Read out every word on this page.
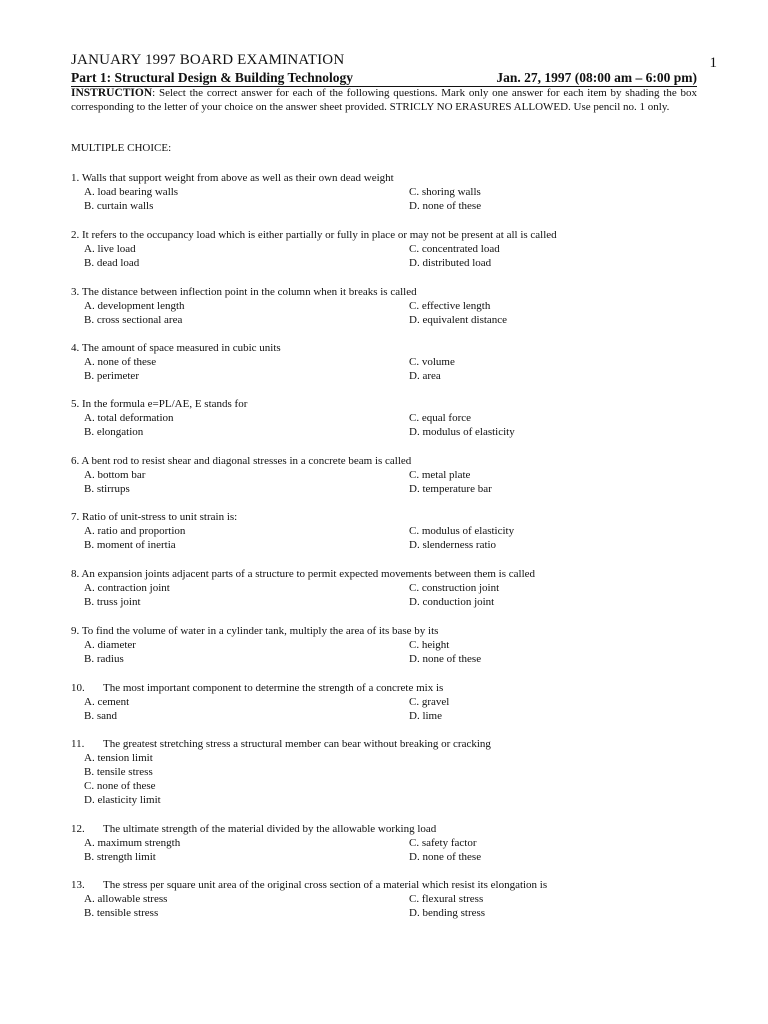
JANUARY 1997 BOARD EXAMINATION	1
Part 1: Structural Design & Building Technology	Jan. 27, 1997 (08:00 am – 6:00 pm)
INSTRUCTION: Select the correct answer for each of the following questions. Mark only one answer for each item by shading the box corresponding to the letter of your choice on the answer sheet provided. STRICLY NO ERASURES ALLOWED. Use pencil no. 1 only.
MULTIPLE CHOICE:
1. Walls that support weight from above as well as their own dead weight
A. load bearing walls
B. curtain walls
C. shoring walls
D. none of these
2. It refers to the occupancy load which is either partially or fully in place or may not be present at all is called
A. live load
B. dead load
C. concentrated load
D. distributed load
3. The distance between inflection point in the column when it breaks is called
A. development length
B. cross sectional area
C. effective length
D. equivalent distance
4. The amount of space measured in cubic units
A. none of these
B. perimeter
C. volume
D. area
5. In the formula e=PL/AE, E stands for
A. total deformation
B. elongation
C. equal force
D. modulus of elasticity
6. A bent rod to resist shear and diagonal stresses in a concrete beam is called
A. bottom bar
B. stirrups
C. metal plate
D. temperature bar
7. Ratio of unit-stress to unit strain is:
A. ratio and proportion
B. moment of inertia
C. modulus of elasticity
D. slenderness ratio
8. An expansion joints adjacent parts of a structure to permit expected movements between them is called
A. contraction joint
B. truss joint
C. construction joint
D. conduction joint
9. To find the volume of water in a cylinder tank, multiply the area of its base by its
A. diameter
B. radius
C. height
D. none of these
10. The most important component to determine the strength of a concrete mix is
A. cement
B. sand
C. gravel
D. lime
11. The greatest stretching stress a structural member can bear without breaking or cracking
A. tension limit
B. tensile stress
C. none of these
D. elasticity limit
12. The ultimate strength of the material divided by the allowable working load
A. maximum strength
B. strength limit
C. safety factor
D. none of these
13. The stress per square unit area of the original cross section of a material which resist its elongation is
A. allowable stress
B. tensible stress
C. flexural stress
D. bending stress
